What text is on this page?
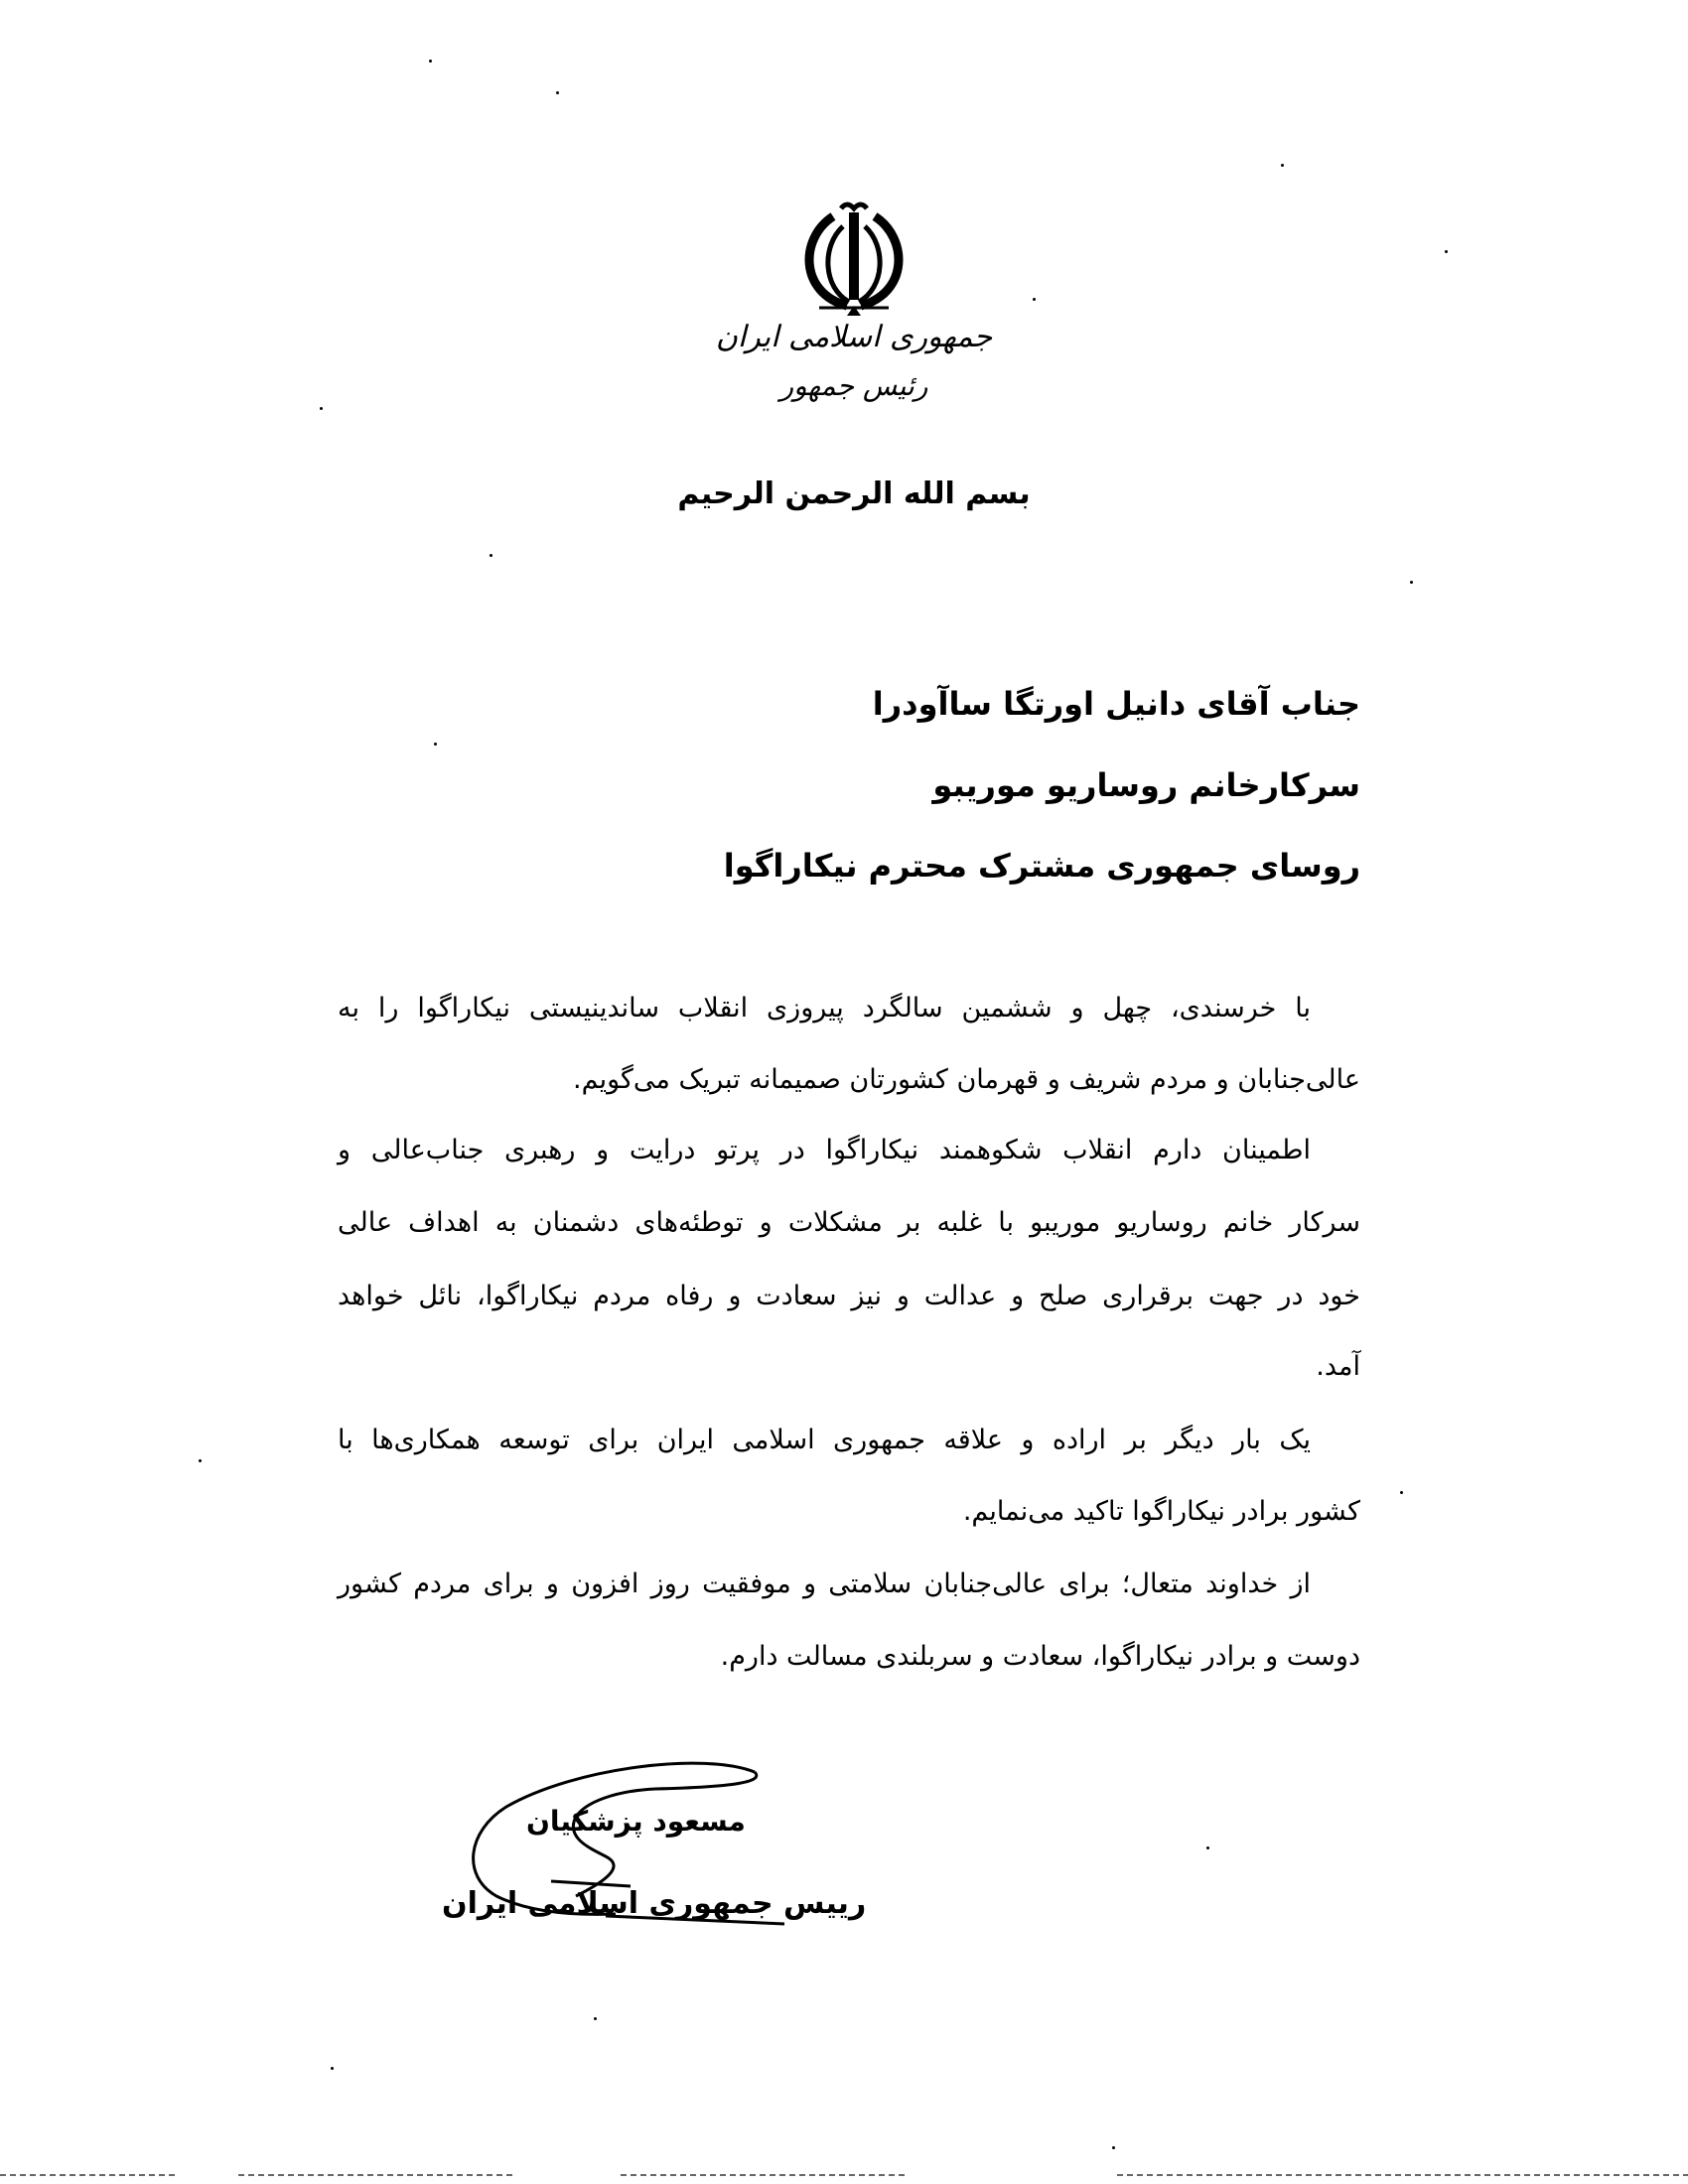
جمهوری اسلامی ایران
رئیس جمهور
بسم الله الرحمن الرحیم
جناب آقای دانیل اورتگا ساآودرا
سرکارخانم روساریو موریبو
روسای جمهوری مشترک محترم نیکاراگوا
با خرسندی، چهل و ششمین سالگرد پیروزی انقلاب ساندینیستی نیکاراگوا را به
عالی‌جنابان و مردم شریف و قهرمان کشورتان صمیمانه تبریک می‌گویم.
اطمینان دارم انقلاب شکوهمند نیکاراگوا در پرتو درایت و رهبری جناب‌عالی و
سرکار خانم روساریو موریبو با غلبه بر مشکلات و توطئه‌های دشمنان به اهداف عالی
خود در جهت برقراری صلح و عدالت و نیز سعادت و رفاه مردم نیکاراگوا، نائل خواهد
آمد.
یک بار دیگر بر اراده و علاقه جمهوری اسلامی ایران برای توسعه همکاری‌ها با
کشور برادر نیکاراگوا تاکید می‌نمایم.
از خداوند متعال؛ برای عالی‌جنابان سلامتی و موفقیت روز افزون و برای مردم کشور
دوست و برادر نیکاراگوا، سعادت و سربلندی مسالت دارم.
مسعود پزشکیان
رییس جمهوری اسلامی ایران
